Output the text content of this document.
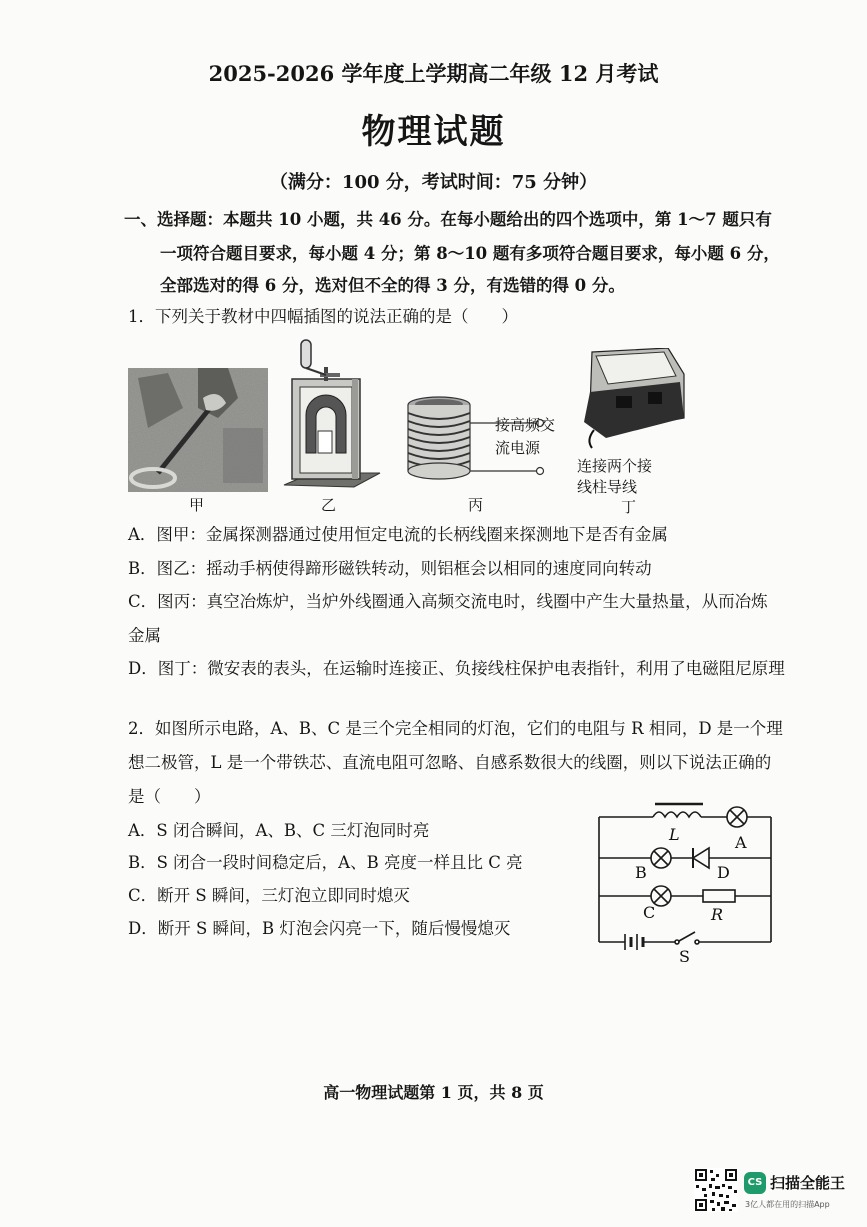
2025-2026 学年度上学期高二年级 12 月考试
物理试题
（满分：100 分，考试时间：75 分钟）
一、选择题：本题共 10 小题，共 46 分。在每小题给出的四个选项中，第 1～7 题只有
一项符合题目要求，每小题 4 分；第 8～10 题有多项符合题目要求，每小题 6 分，
全部选对的得 6 分，选对但不全的得 3 分，有选错的得 0 分。
1．下列关于教材中四幅插图的说法正确的是（　　）
甲	乙
接高频交
流电源
丙
连接两个接
线柱导线
丁
A．图甲：金属探测器通过使用恒定电流的长柄线圈来探测地下是否有金属
B．图乙：摇动手柄使得蹄形磁铁转动，则铝框会以相同的速度同向转动
C．图丙：真空冶炼炉，当炉外线圈通入高频交流电时，线圈中产生大量热量，从而冶炼
金属
D．图丁：微安表的表头，在运输时连接正、负接线柱保护电表指针，利用了电磁阻尼原理
2．如图所示电路，A、B、C 是三个完全相同的灯泡，它们的电阻与 R 相同，D 是一个理
想二极管，L 是一个带铁芯、直流电阻可忽略、自感系数很大的线圈，则以下说法正确的
是（　　）
A．S 闭合瞬间，A、B、C 三灯泡同时亮
B．S 闭合一段时间稳定后，A、B 亮度一样且比 C 亮
C．断开 S 瞬间，三灯泡立即同时熄灭
D．断开 S 瞬间，B 灯泡会闪亮一下，随后慢慢熄灭
L	A
B	D
C	R
S
高一物理试题第 1 页，共 8 页
CS 扫描全能王
3亿人都在用的扫描App
